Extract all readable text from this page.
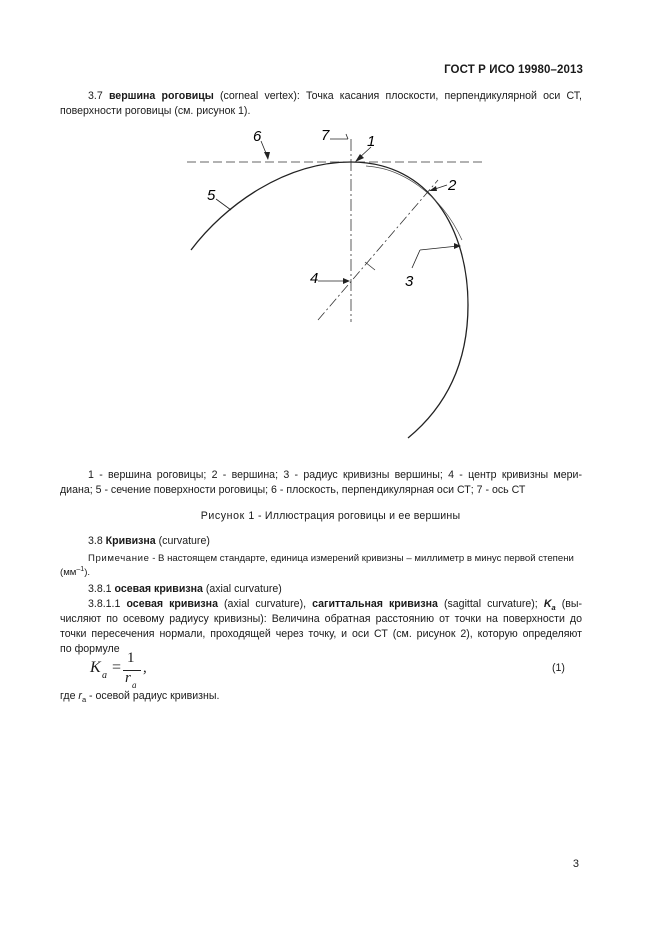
ГОСТ Р ИСО 19980–2013
3.7 вершина роговицы (corneal vertex): Точка касания плоскости, перпендикулярной оси СТ,
поверхности роговицы (см. рисунок 1).
6	7	1
2
3
4
5
1 - вершина роговицы; 2 - вершина; 3 - радиус кривизны вершины; 4 - центр кривизны мери-
диана; 5 - сечение поверхности роговицы; 6 - плоскость, перпендикулярная оси СТ; 7 - ось СТ
Рисунок 1 - Иллюстрация роговицы и ее вершины
3.8 Кривизна (curvature)
Примечание - В настоящем стандарте, единица измерений кривизны – миллиметр в минус первой степени
$(мм^{-1})$.
3.8.1 осевая кривизна (axial curvature)
3.8.1.1 осевая кривизна (axial curvature), сагиттальная кривизна (sagittal curvature); $K_a$ (вы-
числяют по осевому радиусу кривизны): Величина обратная расстоянию от точки на поверхности до
точки пересечения нормали, проходящей через точку, и оси СТ (см. рисунок 2), которую определяют
по формуле
K a =
1
r a
,	(1)
где $r_a$ - осевой радиус кривизны.
3
